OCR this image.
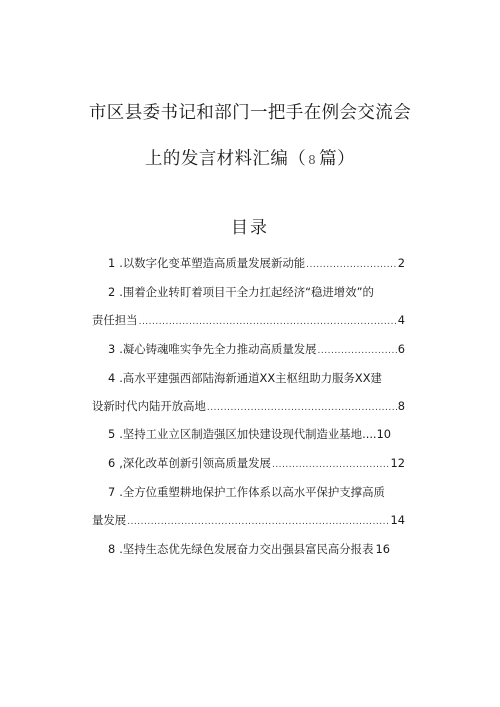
市区县委书记和部门一把手在例会交流会
上的发言材料汇编（ 8 篇）
目录
1 .以数字化变革塑造高质量发展新动能 .....	2
2 .围着企业转盯着项目干全力扛起经济“稳进增效”的
责任担当 .....	4
3 .凝心铸魂唯实争先全力推动高质量发展 .....	6
4 .高水平建强西部陆海新通道XX主枢纽助力服务XX建
设新时代内陆开放高地 .....	8
5 .坚持工业立区制造强区加快建设现代制造业基地.... 10
6 ,深化改革创新引领高质量发展 .....	12
7 .全方位重塑耕地保护工作体系以高水平保护支撑高质
量发展 .....	14
8 .坚持生态优先绿色发展奋力交出强县富民高分报表 16
